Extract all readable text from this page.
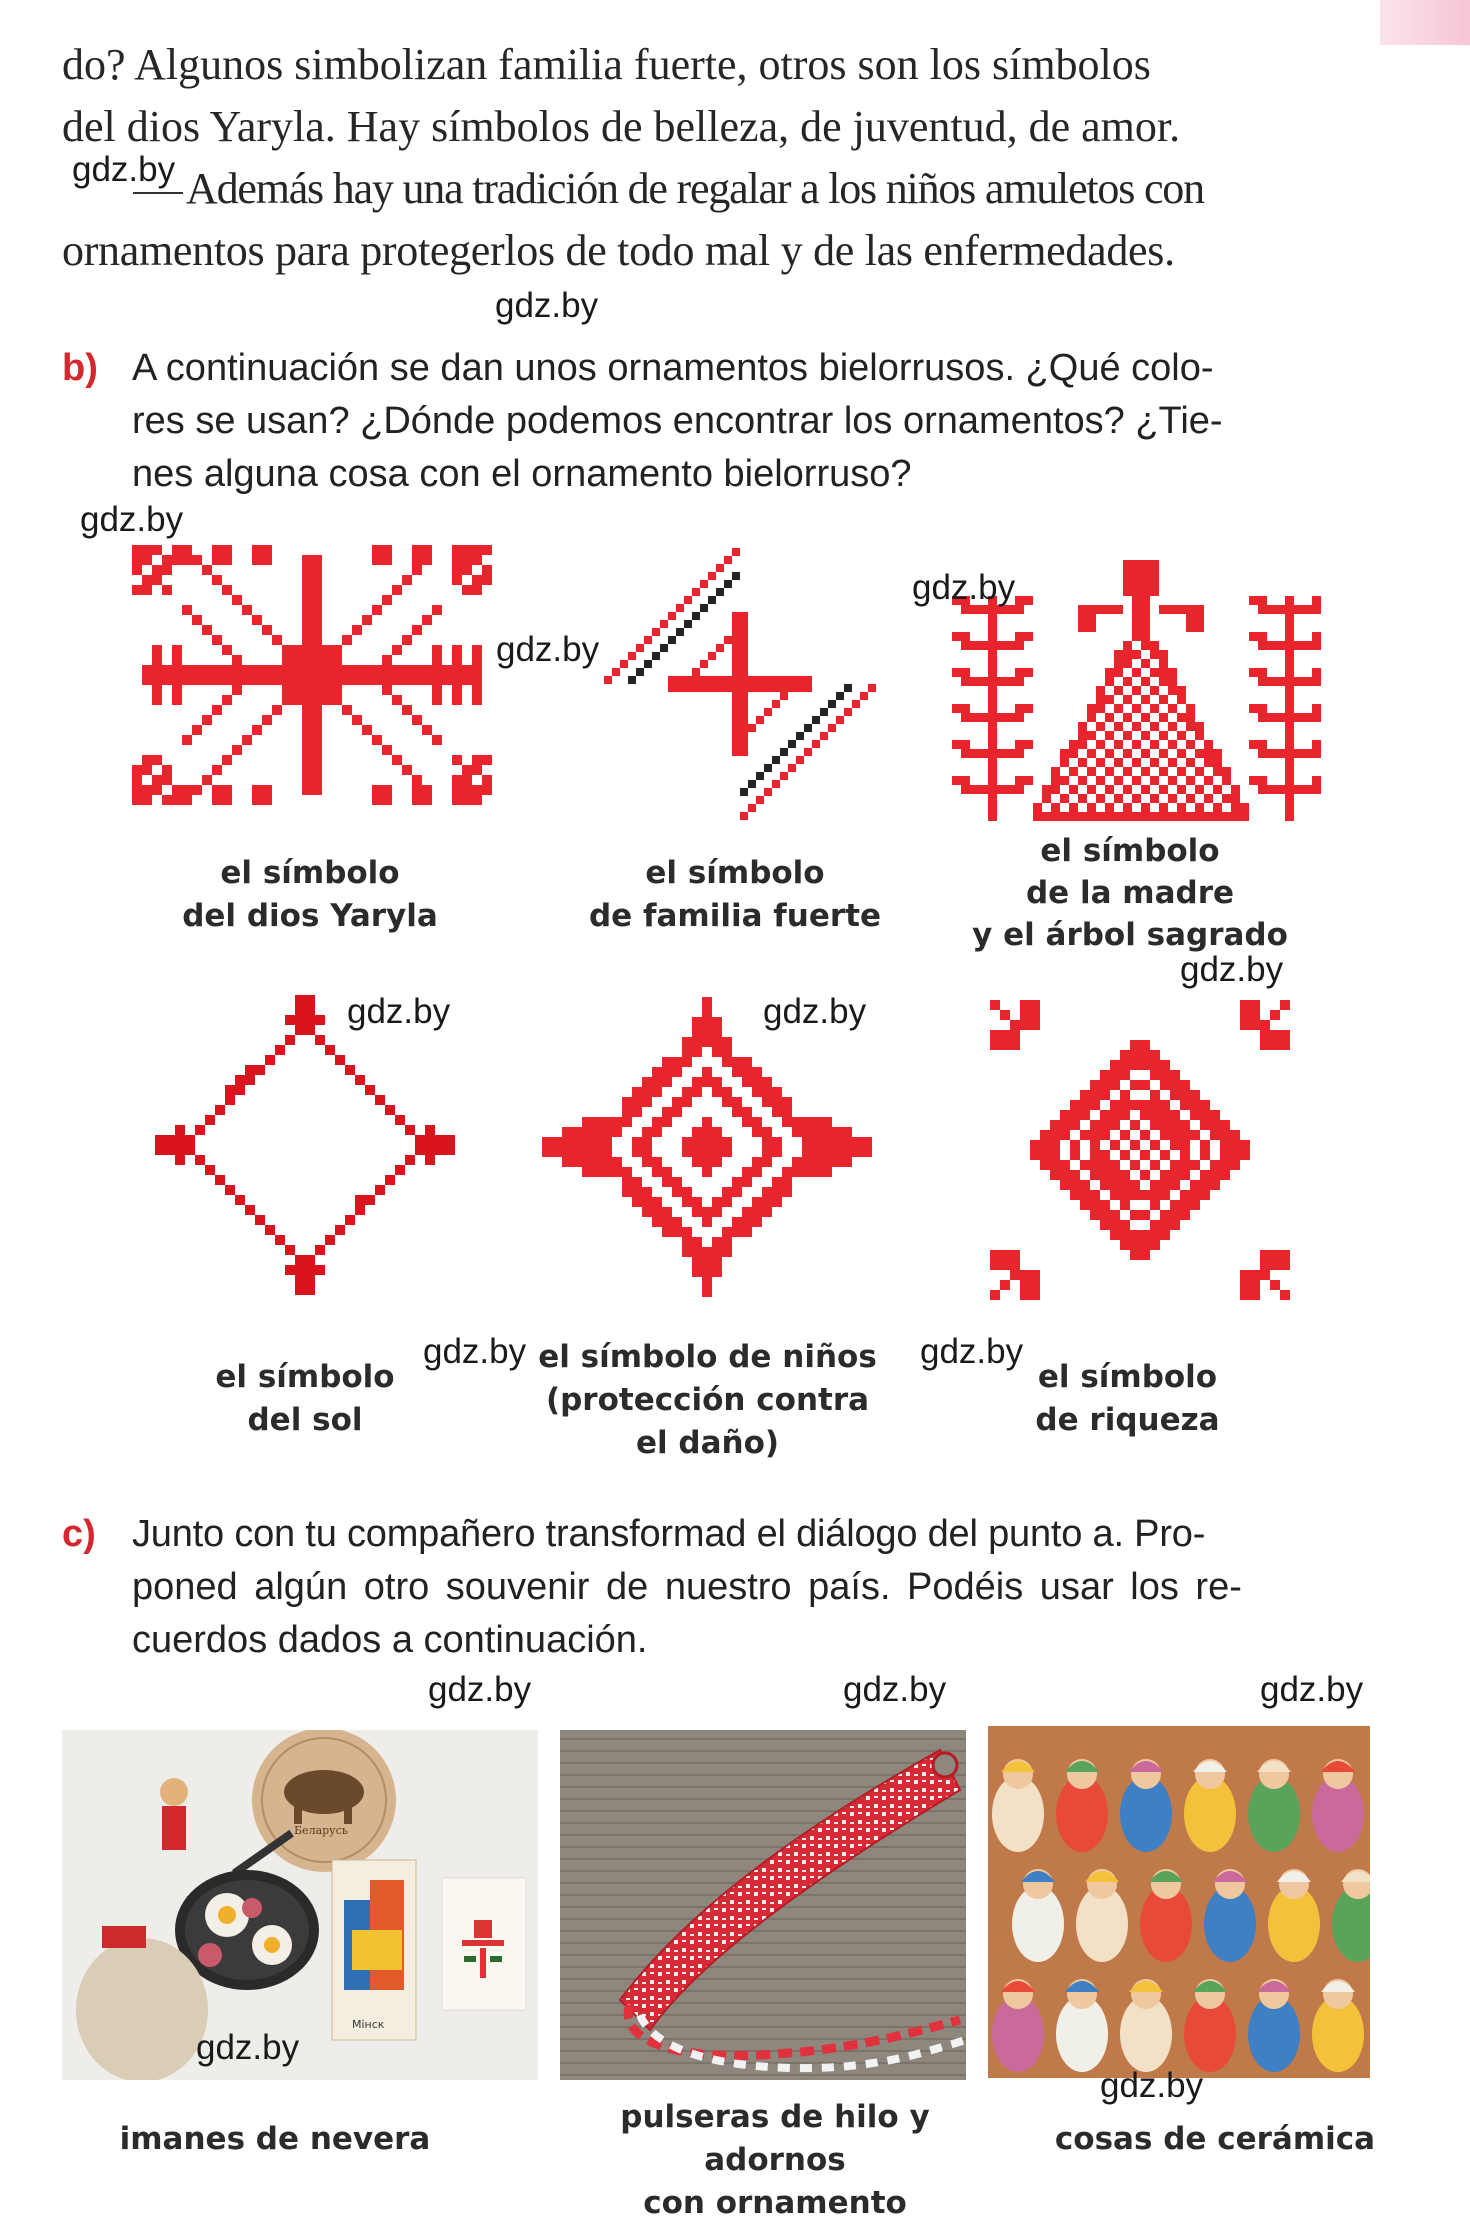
do? Algunos simbolizan familia fuerte, otros son los símbolos
del dios Yaryla. Hay símbolos de belleza, de juventud, de amor.
Además hay una tradición de regalar a los niños amuletos con
ornamentos para protegerlos de todo mal y de las enfermedades.
b) A continuación se dan unos ornamentos bielorrusos. ¿Qué colo-
res se usan? ¿Dónde podemos encontrar los ornamentos? ¿Tie-
nes alguna cosa con el ornamento bielorruso?
el símbolo
del dios Yaryla
el símbolo
de familia fuerte
el símbolo
de la madre
y el árbol sagrado
el símbolo
del sol
el símbolo de niños
(protección contra
el daño)
el símbolo
de riqueza
c) Junto con tu compañero transformad el diálogo del punto a. Pro-
poned algún otro souvenir de nuestro país. Podéis usar los re-
cuerdos dados a continuación.
Беларусь
Мінск
imanes de nevera
pulseras de hilo y adornos
con ornamento
cosas de cerámica
gdz.by
gdz.by
gdz.by
gdz.by
gdz.by
gdz.by
gdz.by	gdz.by
gdz.by	gdz.by
gdz.by	gdz.by	gdz.by
gdz.by
gdz.by
